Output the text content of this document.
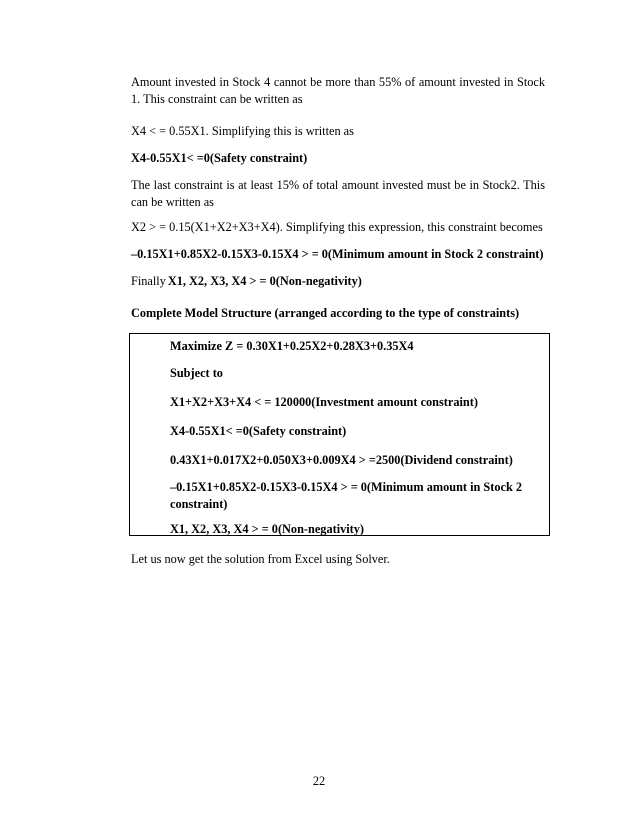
Amount invested in Stock 4 cannot be more than 55% of amount invested in Stock 1. This constraint can be written as

X4 < = 0.55X1. Simplifying this is written as

X4-0.55X1< =0(Safety constraint)

The last constraint is at least 15% of total amount invested must be in Stock2. This can be written as

X2 > = 0.15(X1+X2+X3+X4). Simplifying this expression, this constraint becomes

–0.15X1+0.85X2-0.15X3-0.15X4 > = 0(Minimum amount in Stock 2 constraint)

Finally X1, X2, X3, X4 > = 0(Non-negativity)

Complete Model Structure (arranged according to the type of constraints)

Maximize Z = 0.30X1+0.25X2+0.28X3+0.35X4

Subject to

X1+X2+X3+X4 < = 120000(Investment amount constraint)

X4-0.55X1< =0(Safety constraint)

0.43X1+0.017X2+0.050X3+0.009X4 > =2500(Dividend constraint)

–0.15X1+0.85X2-0.15X3-0.15X4 > = 0(Minimum amount in Stock 2 constraint)

X1, X2, X3, X4 > = 0(Non-negativity)

Let us now get the solution from Excel using Solver.

22
